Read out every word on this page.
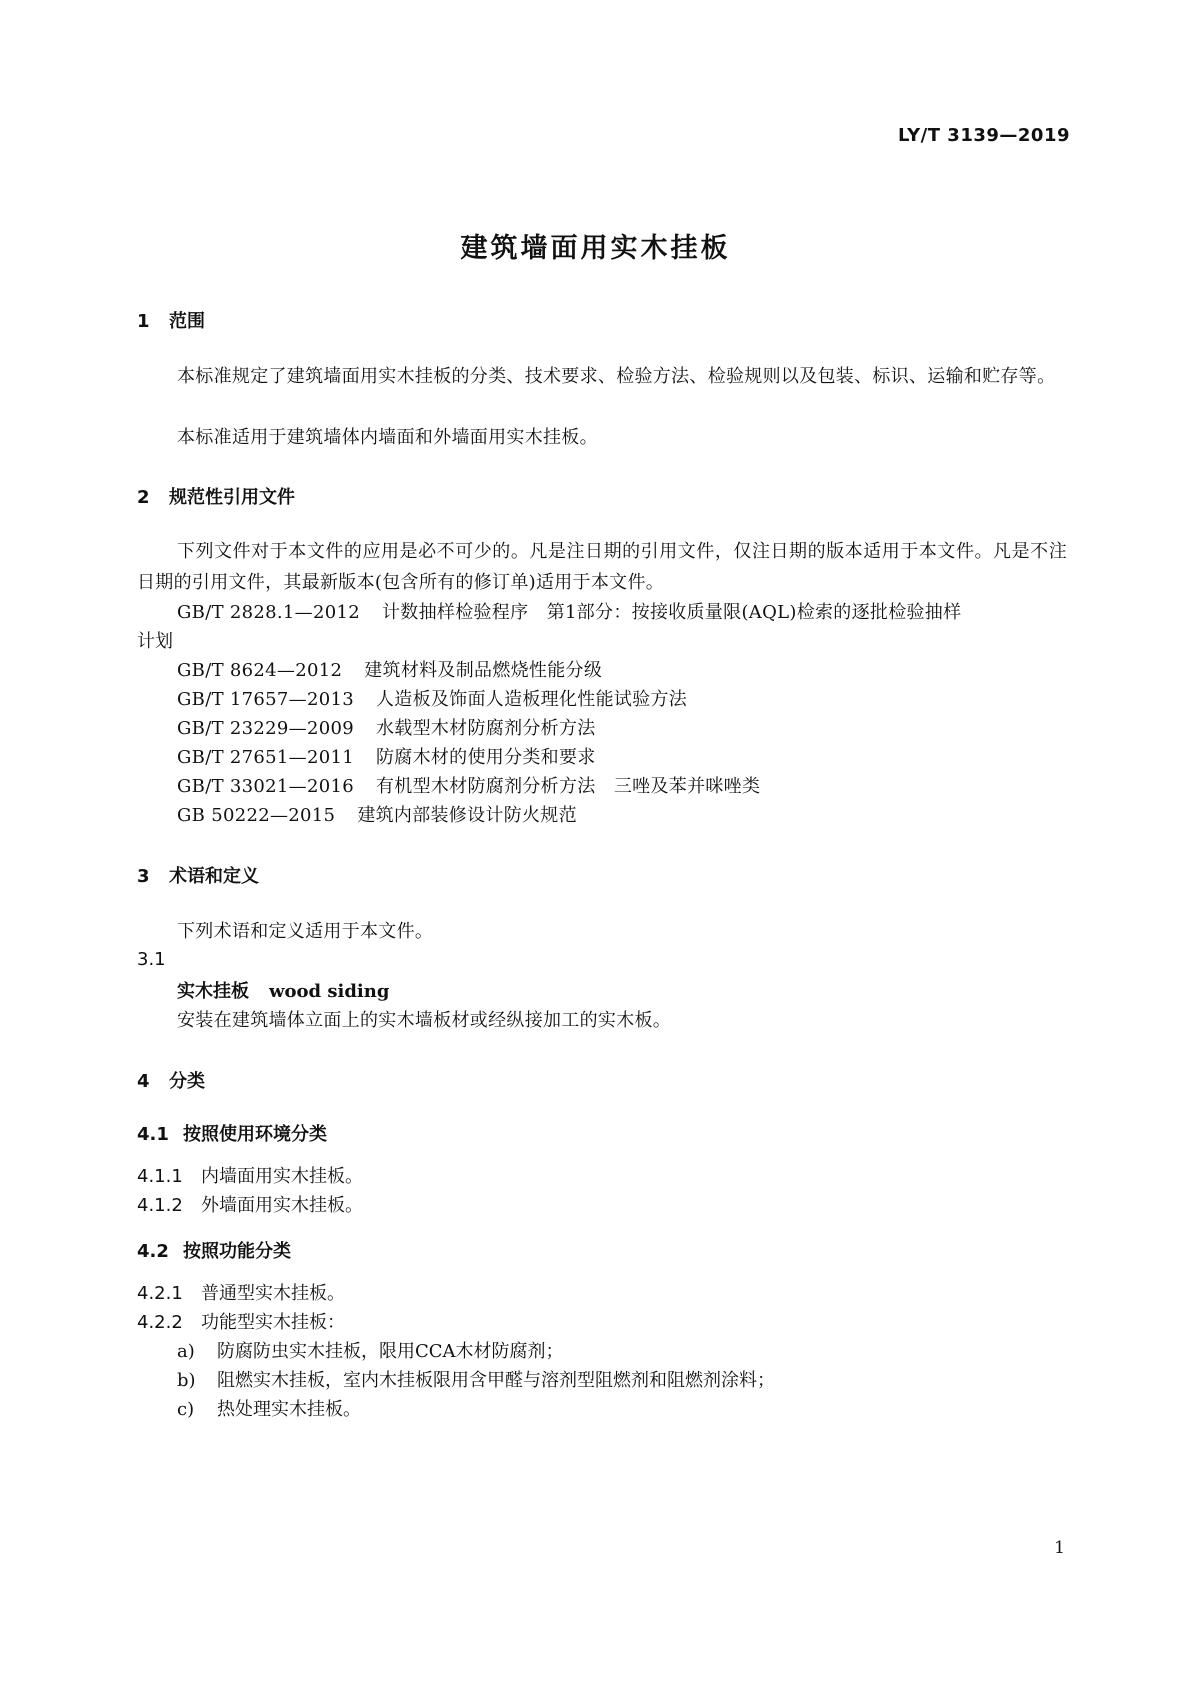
LY/T 3139—2019
建筑墙面用实木挂板
1 范围
本标准规定了建筑墙面用实木挂板的分类、技术要求、检验方法、检验规则以及包装、标识、运输和贮存等。
本标准适用于建筑墙体内墙面和外墙面用实木挂板。
2 规范性引用文件
下列文件对于本文件的应用是必不可少的。凡是注日期的引用文件，仅注日期的版本适用于本文件。凡是不注日期的引用文件，其最新版本(包含所有的修订单)适用于本文件。
GB/T 2828.1—2012 计数抽样检验程序　第1部分：按接收质量限(AQL)检索的逐批检验抽样
计划
GB/T 8624—2012 建筑材料及制品燃烧性能分级
GB/T 17657—2013 人造板及饰面人造板理化性能试验方法
GB/T 23229—2009 水载型木材防腐剂分析方法
GB/T 27651—2011 防腐木材的使用分类和要求
GB/T 33021—2016 有机型木材防腐剂分析方法　三唑及苯并咪唑类
GB 50222—2015 建筑内部装修设计防火规范
3 术语和定义
下列术语和定义适用于本文件。
3.1
实木挂板 wood siding
安装在建筑墙体立面上的实木墙板材或经纵接加工的实木板。
4 分类
4.1 按照使用环境分类
4.1.1 内墙面用实木挂板。
4.1.2 外墙面用实木挂板。
4.2 按照功能分类
4.2.1 普通型实木挂板。
4.2.2 功能型实木挂板：
a) 防腐防虫实木挂板，限用CCA木材防腐剂；
b) 阻燃实木挂板，室内木挂板限用含甲醛与溶剂型阻燃剂和阻燃剂涂料；
c) 热处理实木挂板。
1
